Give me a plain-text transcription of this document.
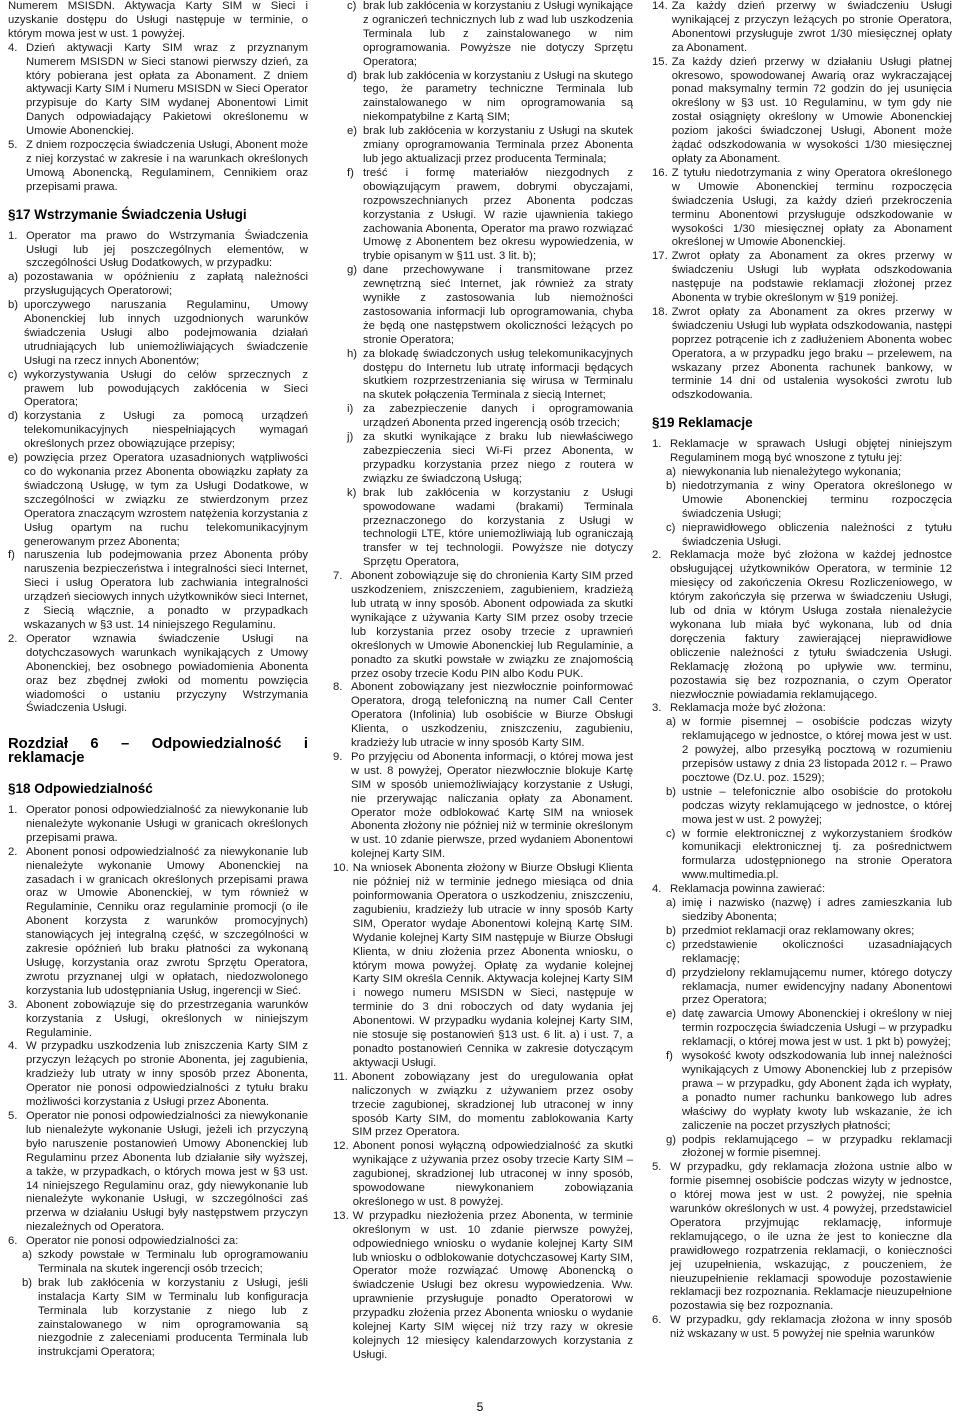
Numerem MSISDN. Aktywacja Karty SIM w Sieci i uzyskanie dostępu do Usługi następuje w terminie, o którym mowa jest w ust. 1 powyżej.

4. Dzień aktywacji Karty SIM wraz z przyznanym Numerem MSISDN w Sieci stanowi pierwszy dzień, za który pobierana jest opłata za Abonament. Z dniem aktywacji Karty SIM i Numeru MSISDN w Sieci Operator przypisuje do Karty SIM wydanej Abonentowi Limit Danych odpowiadający Pakietowi określonemu w Umowie Abonenckiej.
5. Z dniem rozpoczęcia świadczenia Usługi, Abonent może z niej korzystać w zakresie i na warunkach określonych Umową Abonencką, Regulaminem, Cennikiem oraz przepisami prawa.
§17 Wstrzymanie Świadczenia Usługi
1. Operator ma prawo do Wstrzymania Świadczenia Usługi lub jej poszczególnych elementów, w szczególności Usług Dodatkowych, w przypadku:
a) pozostawania w opóźnieniu z zapłatą należności przysługujących Operatorowi;
b) uporczywego naruszania Regulaminu, Umowy Abonenckiej lub innych uzgodnionych warunków świadczenia Usługi albo podejmowania działań utrudniających lub uniemożliwiających świadczenie Usługi na rzecz innych Abonentów;
c) wykorzystywania Usługi do celów sprzecznych z prawem lub powodujących zakłócenia w Sieci Operatora;
d) korzystania z Usługi za pomocą urządzeń telekomunikacyjnych niespełniających wymagań określonych przez obowiązujące przepisy;
e) powzięcia przez Operatora uzasadnionych wątpliwości co do wykonania przez Abonenta obowiązku zapłaty za świadczoną Usługę, w tym za Usługi Dodatkowe, w szczególności w związku ze stwierdzonym przez Operatora znaczącym wzrostem natężenia korzystania z Usług opartym na ruchu telekomunikacyjnym generowanym przez Abonenta;
f) naruszenia lub podejmowania przez Abonenta próby naruszenia bezpieczeństwa i integralności sieci Internet, Sieci i usług Operatora lub zachwiania integralności urządzeń sieciowych innych użytkowników sieci Internet, z Siecią włącznie, a ponadto w przypadkach wskazanych w §3 ust. 14 niniejszego Regulaminu.
2. Operator wznawia świadczenie Usługi na dotychczasowych warunkach wynikających z Umowy Abonenckiej, bez osobnego powiadomienia Abonenta oraz bez zbędnej zwłoki od momentu powzięcia wiadomości o ustaniu przyczyny Wstrzymania Świadczenia Usługi.
Rozdział 6 – Odpowiedzialność i reklamacje
§18 Odpowiedzialność
1. Operator ponosi odpowiedzialność za niewykonanie lub nienależyte wykonanie Usługi w granicach określonych przepisami prawa.
2. Abonent ponosi odpowiedzialność za niewykonanie lub nienależyte wykonanie Umowy Abonenckiej na zasadach i w granicach określonych przepisami prawa oraz w Umowie Abonenckiej, w tym również w Regulaminie, Cenniku oraz regulaminie promocji (o ile Abonent korzysta z warunków promocyjnych) stanowiących jej integralną część, w szczególności w zakresie opóźnień lub braku płatności za wykonaną Usługę, korzystania oraz zwrotu Sprzętu Operatora, zwrotu przyznanej ulgi w opłatach, niedozwolonego korzystania lub udostępniania Usług, ingerencji w Sieć.
3. Abonent zobowiązuje się do przestrzegania warunków korzystania z Usługi, określonych w niniejszym Regulaminie.
4. W przypadku uszkodzenia lub zniszczenia Karty SIM z przyczyn leżących po stronie Abonenta, jej zagubienia, kradzieży lub utraty w inny sposób przez Abonenta, Operator nie ponosi odpowiedzialności z tytułu braku możliwości korzystania z Usługi przez Abonenta.
5. Operator nie ponosi odpowiedzialności za niewykonanie lub nienależyte wykonanie Usługi, jeżeli ich przyczyną było naruszenie postanowień Umowy Abonenckiej lub Regulaminu przez Abonenta lub działanie siły wyższej, a także, w przypadkach, o których mowa jest w §3 ust. 14 niniejszego Regulaminu oraz, gdy niewykonanie lub nienależyte wykonanie Usługi, w szczególności zaś przerwa w działaniu Usługi były następstwem przyczyn niezależnych od Operatora.
6. Operator nie ponosi odpowiedzialności za:
a) szkody powstałe w Terminalu lub oprogramowaniu Terminala na skutek ingerencji osób trzecich;
b) brak lub zakłócenia w korzystaniu z Usługi, jeśli instalacja Karty SIM w Terminalu lub konfiguracja Terminala lub korzystanie z niego lub z zainstalowanego w nim oprogramowania są niezgodnie z zaleceniami producenta Terminala lub instrukcjami Operatora;
c) brak lub zakłócenia w korzystaniu z Usługi wynikające z ograniczeń technicznych lub z wad lub uszkodzenia Terminala lub z zainstalowanego w nim oprogramowania. Powyższe nie dotyczy Sprzętu Operatora;
d) brak lub zakłócenia w korzystaniu z Usługi na skutego tego, że parametry techniczne Terminala lub zainstalowanego w nim oprogramowania są niekompatybilne z Kartą SIM;
e) brak lub zakłócenia w korzystaniu z Usługi na skutek zmiany oprogramowania Terminala przez Abonenta lub jego aktualizacji przez producenta Terminala;
f) treść i formę materiałów niezgodnych z obowiązującym prawem, dobrymi obyczajami, rozpowszechnianych przez Abonenta podczas korzystania z Usługi. W razie ujawnienia takiego zachowania Abonenta, Operator ma prawo rozwiązać Umowę z Abonentem bez okresu wypowiedzenia, w trybie opisanym w §11 ust. 3 lit. b);
g) dane przechowywane i transmitowane przez zewnętrzną sieć Internet, jak również za straty wynikłe z zastosowania lub niemożności zastosowania informacji lub oprogramowania, chyba że będą one następstwem okoliczności leżących po stronie Operatora;
h) za blokadę świadczonych usług telekomunikacyjnych dostępu do Internetu lub utratę informacji będących skutkiem rozprzestrzeniania się wirusa w Terminalu na skutek połączenia Terminala z siecią Internet;
i) za zabezpieczenie danych i oprogramowania urządzeń Abonenta przed ingerencją osób trzecich;
j) za skutki wynikające z braku lub niewłaściwego zabezpieczenia sieci Wi-Fi przez Abonenta, w przypadku korzystania przez niego z routera w związku ze świadczoną Usługą;
k) brak lub zakłócenia w korzystaniu z Usługi spowodowane wadami (brakami) Terminala przeznaczonego do korzystania z Usługi w technologii LTE, które uniemożliwiają lub ograniczają transfer w tej technologii. Powyższe nie dotyczy Sprzętu Operatora,
7. Abonent zobowiązuje się do chronienia Karty SIM przed uszkodzeniem, zniszczeniem, zagubieniem, kradzieżą lub utratą w inny sposób. Abonent odpowiada za skutki wynikające z używania Karty SIM przez osoby trzecie lub korzystania przez osoby trzecie z uprawnień określonych w Umowie Abonenckiej lub Regulaminie, a ponadto za skutki powstałe w związku ze znajomością przez osoby trzecie Kodu PIN albo Kodu PUK.
8. Abonent zobowiązany jest niezwłocznie poinformować Operatora, drogą telefoniczną na numer Call Center Operatora (Infolinia) lub osobiście w Biurze Obsługi Klienta, o uszkodzeniu, zniszczeniu, zagubieniu, kradzieży lub utracie w inny sposób Karty SIM.
9. Po przyjęciu od Abonenta informacji, o której mowa jest w ust. 8 powyżej, Operator niezwłocznie blokuje Kartę SIM w sposób uniemożliwiający korzystanie z Usługi, nie przerywając naliczania opłaty za Abonament. Operator może odblokować Kartę SIM na wniosek Abonenta złożony nie później niż w terminie określonym w ust. 10 zdanie pierwsze, przed wydaniem Abonentowi kolejnej Karty SIM.
10. Na wniosek Abonenta złożony w Biurze Obsługi Klienta nie później niż w terminie jednego miesiąca od dnia poinformowania Operatora o uszkodzeniu, zniszczeniu, zagubieniu, kradzieży lub utracie w inny sposób Karty SIM, Operator wydaje Abonentowi kolejną Kartę SIM. Wydanie kolejnej Karty SIM następuje w Biurze Obsługi Klienta, w dniu złożenia przez Abonenta wniosku, o którym mowa powyżej. Opłatę za wydanie kolejnej Karty SIM określa Cennik. Aktywacja kolejnej Karty SIM i nowego numeru MSISDN w Sieci, następuje w terminie do 3 dni roboczych od daty wydania jej Abonentowi. W przypadku wydania kolejnej Karty SIM, nie stosuje się postanowień §13 ust. 6 lit. a) i ust. 7, a ponadto postanowień Cennika w zakresie dotyczącym aktywacji Usługi.
11. Abonent zobowiązany jest do uregulowania opłat naliczonych w związku z używaniem przez osoby trzecie zagubionej, skradzionej lub utraconej w inny sposób Karty SIM, do momentu zablokowania Karty SIM przez Operatora.
12. Abonent ponosi wyłączną odpowiedzialność za skutki wynikające z używania przez osoby trzecie Karty SIM – zagubionej, skradzionej lub utraconej w inny sposób, spowodowane niewykonaniem zobowiązania określonego w ust. 8 powyżej.
13. W przypadku niezłożenia przez Abonenta, w terminie określonym w ust. 10 zdanie pierwsze powyżej, odpowiedniego wniosku o wydanie kolejnej Karty SIM lub wniosku o odblokowanie dotychczasowej Karty SIM, Operator może rozwiązać Umowę Abonencką o świadczenie Usługi bez okresu wypowiedzenia. Ww. uprawnienie przysługuje ponadto Operatorowi w przypadku złożenia przez Abonenta wniosku o wydanie kolejnej Karty SIM więcej niż trzy razy w okresie kolejnych 12 miesięcy kalendarzowych korzystania z Usługi.
14. Za każdy dzień przerwy w świadczeniu Usługi wynikającej z przyczyn leżących po stronie Operatora, Abonentowi przysługuje zwrot 1/30 miesięcznej opłaty za Abonament.
15. Za każdy dzień przerwy w działaniu Usługi płatnej okresowo, spowodowanej Awarią oraz wykraczającej ponad maksymalny termin 72 godzin do jej usunięcia określony w §3 ust. 10 Regulaminu, w tym gdy nie został osiągnięty określony w Umowie Abonenckiej poziom jakości świadczonej Usługi, Abonent może żądać odszkodowania w wysokości 1/30 miesięcznej opłaty za Abonament.
16. Z tytułu niedotrzymania z winy Operatora określonego w Umowie Abonenckiej terminu rozpoczęcia świadczenia Usługi, za każdy dzień przekroczenia terminu Abonentowi przysługuje odszkodowanie w wysokości 1/30 miesięcznej opłaty za Abonament określonej w Umowie Abonenckiej.
17. Zwrot opłaty za Abonament za okres przerwy w świadczeniu Usługi lub wypłata odszkodowania następuje na podstawie reklamacji złożonej przez Abonenta w trybie określonym w §19 poniżej.
18. Zwrot opłaty za Abonament za okres przerwy w świadczeniu Usługi lub wypłata odszkodowania, następi poprzez potrącenie ich z zadłużeniem Abonenta wobec Operatora, a w przypadku jego braku – przelewem, na wskazany przez Abonenta rachunek bankowy, w terminie 14 dni od ustalenia wysokości zwrotu lub odszkodowania.
§19 Reklamacje
1. Reklamacje w sprawach Usługi objętej niniejszym Regulaminem mogą być wnoszone z tytułu jej:
a) niewykonania lub nienależytego wykonania;
b) niedotrzymania z winy Operatora określonego w Umowie Abonenckiej terminu rozpoczęcia świadczenia Usługi;
c) nieprawidłowego obliczenia należności z tytułu świadczenia Usługi.
2. Reklamacja może być złożona w każdej jednostce obsługującej użytkowników Operatora, w terminie 12 miesięcy od zakończenia Okresu Rozliczeniowego, w którym zakończyła się przerwa w świadczeniu Usługi, lub od dnia w którym Usługa została nienależycie wykonana lub miała być wykonana, lub od dnia doręczenia faktury zawierającej nieprawidłowe obliczenie należności z tytułu świadczenia Usługi. Reklamację złożoną po upływie ww. terminu, pozostawia się bez rozpoznania, o czym Operator niezwłocznie powiadamia reklamującego.
3. Reklamacja może być złożona:
a) w formie pisemnej – osobiście podczas wizyty reklamującego w jednostce, o której mowa jest w ust. 2 powyżej, albo przesyłką pocztową w rozumieniu przepisów ustawy z dnia 23 listopada 2012 r. – Prawo pocztowe (Dz.U. poz. 1529);
b) ustnie – telefonicznie albo osobiście do protokołu podczas wizyty reklamującego w jednostce, o której mowa jest w ust. 2 powyżej;
c) w formie elektronicznej z wykorzystaniem środków komunikacji elektronicznej tj. za pośrednictwem formularza udostępnionego na stronie Operatora www.multimedia.pl.
4. Reklamacja powinna zawierać:
a) imię i nazwisko (nazwę) i adres zamieszkania lub siedziby Abonenta;
b) przedmiot reklamacji oraz reklamowany okres;
c) przedstawienie okoliczności uzasadniających reklamację;
d) przydzielony reklamującemu numer, którego dotyczy reklamacja, numer ewidencyjny nadany Abonentowi przez Operatora;
e) datę zawarcia Umowy Abonenckiej i określony w niej termin rozpoczęcia świadczenia Usługi – w przypadku reklamacji, o której mowa jest w ust. 1 pkt b) powyżej;
f) wysokość kwoty odszkodowania lub innej należności wynikających z Umowy Abonenckiej lub z przepisów prawa – w przypadku, gdy Abonent żąda ich wypłaty, a ponadto numer rachunku bankowego lub adres właściwy do wypłaty kwoty lub wskazanie, że ich zaliczenie na poczet przyszłych płatności;
g) podpis reklamującego – w przypadku reklamacji złożonej w formie pisemnej.
5. W przypadku, gdy reklamacja złożona ustnie albo w formie pisemnej osobiście podczas wizyty w jednostce, o której mowa jest w ust. 2 powyżej, nie spełnia warunków określonych w ust. 4 powyżej, przedstawiciel Operatora przyjmując reklamację, informuje reklamującego, o ile uzna że jest to konieczne dla prawidłowego rozpatrzenia reklamacji, o konieczności jej uzupełnienia, wskazując, z pouczeniem, że nieuzupełnienie reklamacji spowoduje pozostawienie reklamacji bez rozpoznania. Reklamacje nieuzupełnione pozostawia się bez rozpoznania.
6. W przypadku, gdy reklamacja złożona w inny sposób niż wskazany w ust. 5 powyżej nie spełnia warunków
5
